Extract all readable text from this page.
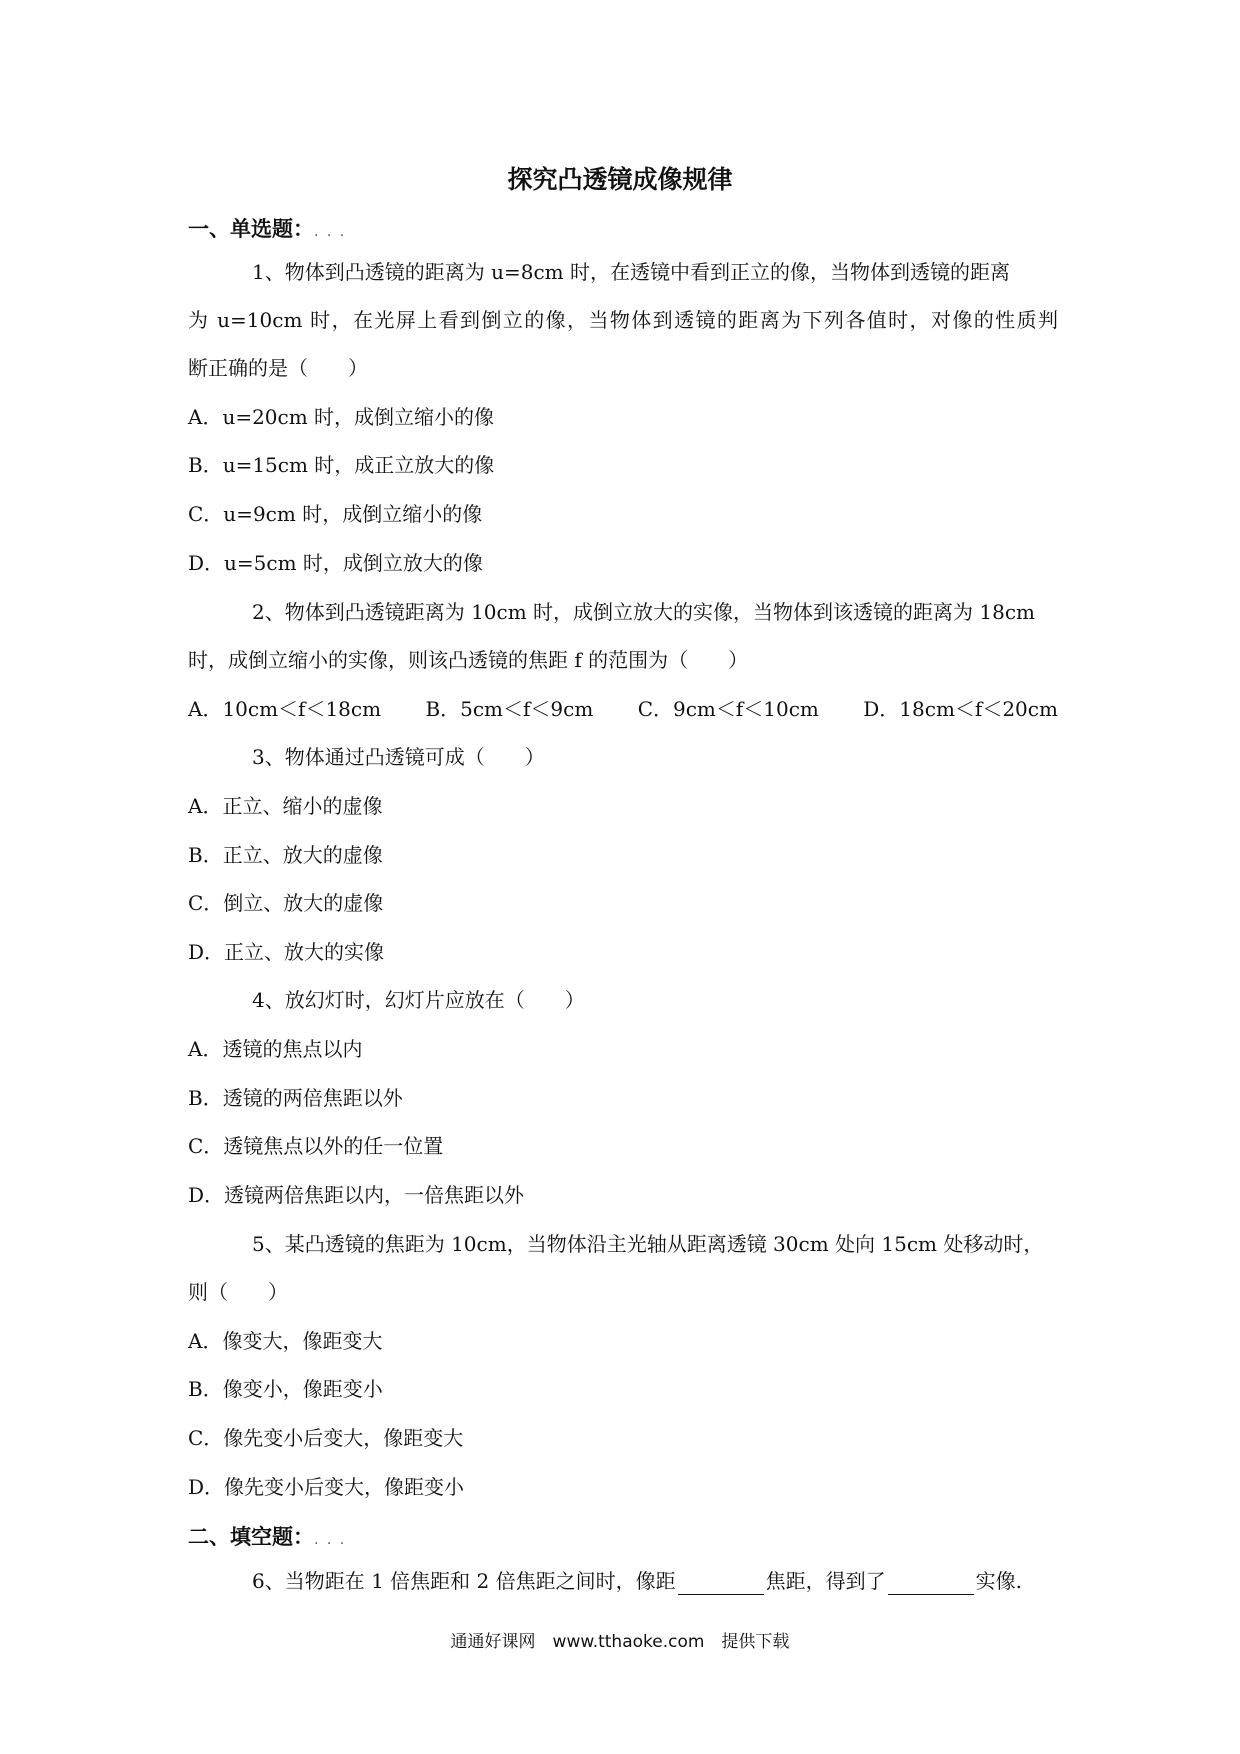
探究凸透镜成像规律
一、单选题：. . .
1、物体到凸透镜的距离为 u=8cm 时，在透镜中看到正立的像，当物体到透镜的距离
为 u=10cm 时，在光屏上看到倒立的像，当物体到透镜的距离为下列各值时，对像的性质判
断正确的是（　　）
A．u=20cm 时，成倒立缩小的像
B．u=15cm 时，成正立放大的像
C．u=9cm 时，成倒立缩小的像
D．u=5cm 时，成倒立放大的像
2、物体到凸透镜距离为 10cm 时，成倒立放大的实像，当物体到该透镜的距离为 18cm
时，成倒立缩小的实像，则该凸透镜的焦距 f 的范围为（　　）
A．10cm＜f＜18cm B．5cm＜f＜9cm C．9cm＜f＜10cm D．18cm＜f＜20cm
3、物体通过凸透镜可成（　　）
A．正立、缩小的虚像
B．正立、放大的虚像
C．倒立、放大的虚像
D．正立、放大的实像
4、放幻灯时，幻灯片应放在（　　）
A．透镜的焦点以内
B．透镜的两倍焦距以外
C．透镜焦点以外的任一位置
D．透镜两倍焦距以内，一倍焦距以外
5、某凸透镜的焦距为 10cm，当物体沿主光轴从距离透镜 30cm 处向 15cm 处移动时，
则（　　）
A．像变大，像距变大
B．像变小，像距变小
C．像先变小后变大，像距变大
D．像先变小后变大，像距变小
二、填空题：. . .
6、当物距在 1 倍焦距和 2 倍焦距之间时，像距	焦距，得到了	实像.
通通好课网　www.tthaoke.com　提供下载
